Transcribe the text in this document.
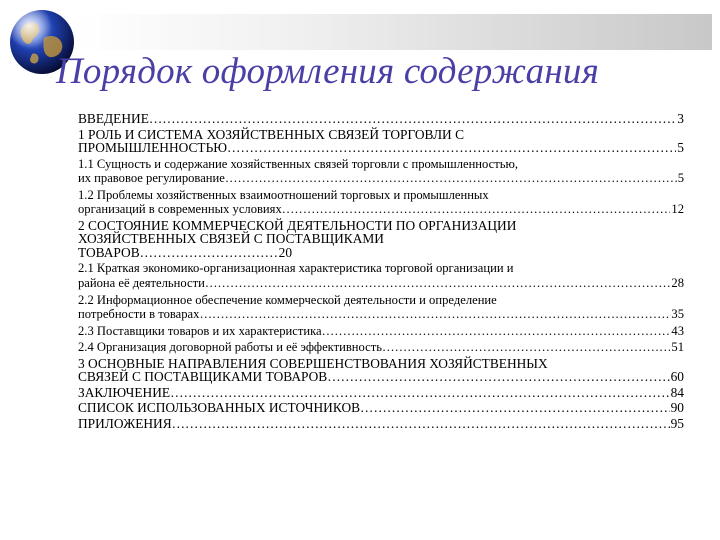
Порядок оформления содержания
ВВЕДЕНИЕ …………………………………………………………………………………………………………………………………………………………………………	3
1 РОЛЬ И СИСТЕМА ХОЗЯЙСТВЕННЫХ СВЯЗЕЙ ТОРГОВЛИ С
ПРОМЫШЛЕННОСТЬЮ …………………………………………………………………………………………………………………………………………………………………………	5
1.1 Сущность и содержание хозяйственных связей торговли с промышленностью,
их правовое регулирование …………………………………………………………………………………………………………………………………………………………………………	5
1.2 Проблемы хозяйственных взаимоотношений торговых и промышленных
организаций в современных условиях …………………………………………………………………………………………………………………………………………………………………………	12
2 СОСТОЯНИЕ КОММЕРЧЕСКОЙ ДЕЯТЕЛЬНОСТИ ПО ОРГАНИЗАЦИИ
ХОЗЯЙСТВЕННЫХ СВЯЗЕЙ С ПОСТАВЩИКАМИ
ТОВАРОВ …………………………………………………………………………………………………………………………………………………………………………	20
2.1 Краткая экономико-организационная характеристика торговой организации и
района её деятельности …………………………………………………………………………………………………………………………………………………………………………	28
2.2 Информационное обеспечение коммерческой деятельности и определение
потребности в товарах …………………………………………………………………………………………………………………………………………………………………………	35
2.3 Поставщики товаров и их характеристика …………………………………………………………………………………………………………………………………………………………………………	43
2.4 Организация договорной работы и её эффективность …………………………………………………………………………………………………………………………………………………………………………	51
3 ОСНОВНЫЕ НАПРАВЛЕНИЯ СОВЕРШЕНСТВОВАНИЯ ХОЗЯЙСТВЕННЫХ
СВЯЗЕЙ С ПОСТАВЩИКАМИ ТОВАРОВ …………………………………………………………………………………………………………………………………………………………………………	60
ЗАКЛЮЧЕНИЕ …………………………………………………………………………………………………………………………………………………………………………	84
СПИСОК ИСПОЛЬЗОВАННЫХ ИСТОЧНИКОВ …………………………………………………………………………………………………………………………………………………………………………	90
ПРИЛОЖЕНИЯ …………………………………………………………………………………………………………………………………………………………………………	95
